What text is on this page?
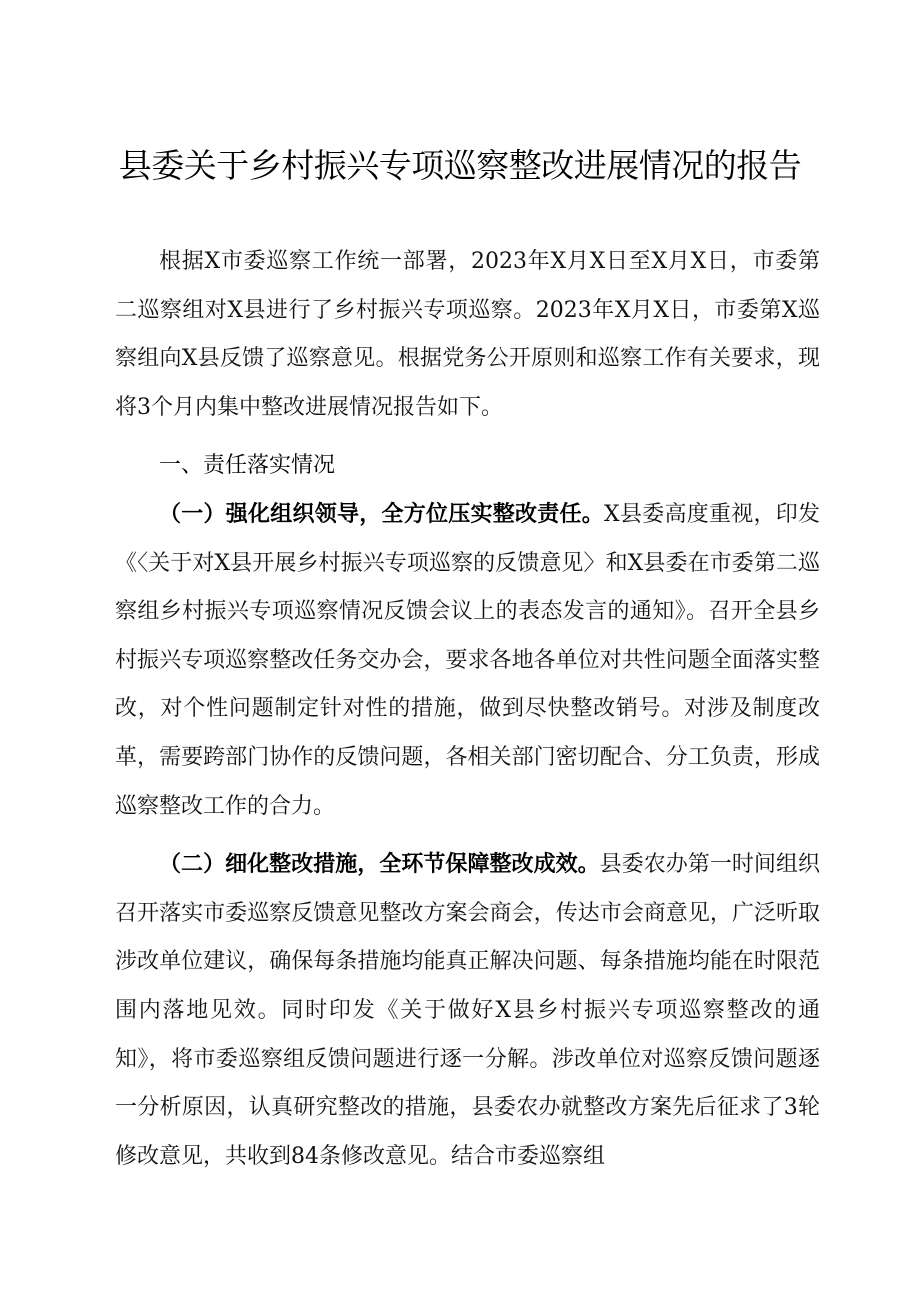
县委关于乡村振兴专项巡察整改进展情况的报告

根据X市委巡察工作统一部署，2023年X月X日至X月X日，市委第二巡察组对X县进行了乡村振兴专项巡察。2023年X月X日，市委第X巡察组向X县反馈了巡察意见。根据党务公开原则和巡察工作有关要求，现将3个月内集中整改进展情况报告如下。

一、责任落实情况

（一）强化组织领导，全方位压实整改责任。X县委高度重视，印发《〈关于对X县开展乡村振兴专项巡察的反馈意见〉和X县委在市委第二巡察组乡村振兴专项巡察情况反馈会议上的表态发言的通知》。召开全县乡村振兴专项巡察整改任务交办会，要求各地各单位对共性问题全面落实整改，对个性问题制定针对性的措施，做到尽快整改销号。对涉及制度改革，需要跨部门协作的反馈问题，各相关部门密切配合、分工负责，形成巡察整改工作的合力。

（二）细化整改措施，全环节保障整改成效。县委农办第一时间组织召开落实市委巡察反馈意见整改方案会商会，传达市会商意见，广泛听取涉改单位建议，确保每条措施均能真正解决问题、每条措施均能在时限范围内落地见效。同时印发《关于做好X县乡村振兴专项巡察整改的通知》，将市委巡察组反馈问题进行逐一分解。涉改单位对巡察反馈问题逐一分析原因，认真研究整改的措施，县委农办就整改方案先后征求了3轮修改意见，共收到84条修改意见。结合市委巡察组
